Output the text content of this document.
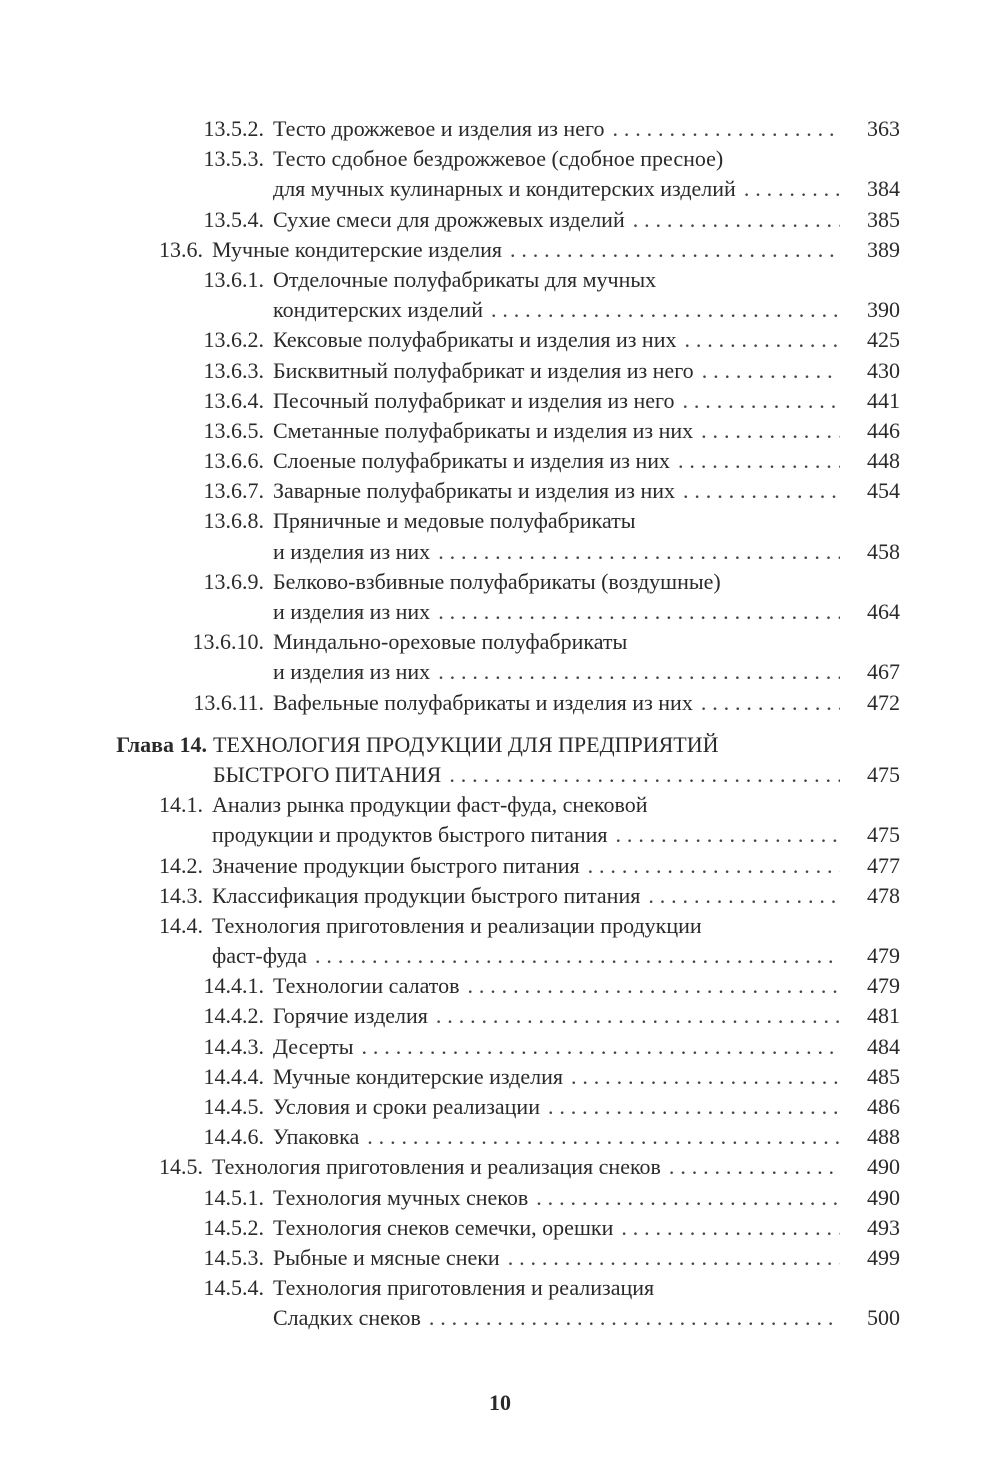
13.5.2. Тесто дрожжевое и изделия из него . . .	363
13.5.3. Тесто сдобное бездрожжевое (сдобное пресное)
для мучных кулинарных и кондитерских изделий . . .	384
13.5.4. Сухие смеси для дрожжевых изделий . . .	385
13.6. Мучные кондитерские изделия . . .	389
13.6.1. Отделочные полуфабрикаты для мучных
кондитерских изделий . . .	390
13.6.2. Кексовые полуфабрикаты и изделия из них . . .	425
13.6.3. Бисквитный полуфабрикат и изделия из него . . .	430
13.6.4. Песочный полуфабрикат и изделия из него . . .	441
13.6.5. Сметанные полуфабрикаты и изделия из них . . .	446
13.6.6. Слоеные полуфабрикаты и изделия из них . . .	448
13.6.7. Заварные полуфабрикаты и изделия из них . . .	454
13.6.8. Пряничные и медовые полуфабрикаты
и изделия из них . . .	458
13.6.9. Белково-взбивные полуфабрикаты (воздушные)
и изделия из них . . .	464
13.6.10. Миндально-ореховые полуфабрикаты
и изделия из них . . .	467
13.6.11. Вафельные полуфабрикаты и изделия из них . . .	472
Глава 14. ТЕХНОЛОГИЯ ПРОДУКЦИИ ДЛЯ ПРЕДПРИЯТИЙ
БЫСТРОГО ПИТАНИЯ . . .	475
14.1. Анализ рынка продукции фаст-фуда, снековой
продукции и продуктов быстрого питания . . .	475
14.2. Значение продукции быстрого питания . . .	477
14.3. Классификация продукции быстрого питания . . .	478
14.4. Технология приготовления и реализации продукции
фаст-фуда . . .	479
14.4.1. Технологии салатов . . .	479
14.4.2. Горячие изделия . . .	481
14.4.3. Десерты . . .	484
14.4.4. Мучные кондитерские изделия . . .	485
14.4.5. Условия и сроки реализации . . .	486
14.4.6. Упаковка . . .	488
14.5. Технология приготовления и реализация снеков . . .	490
14.5.1. Технология мучных снеков . . .	490
14.5.2. Технология снеков семечки, орешки . . .	493
14.5.3. Рыбные и мясные снеки . . .	499
14.5.4. Технология приготовления и реализация
Сладких снеков . . .	500
10
